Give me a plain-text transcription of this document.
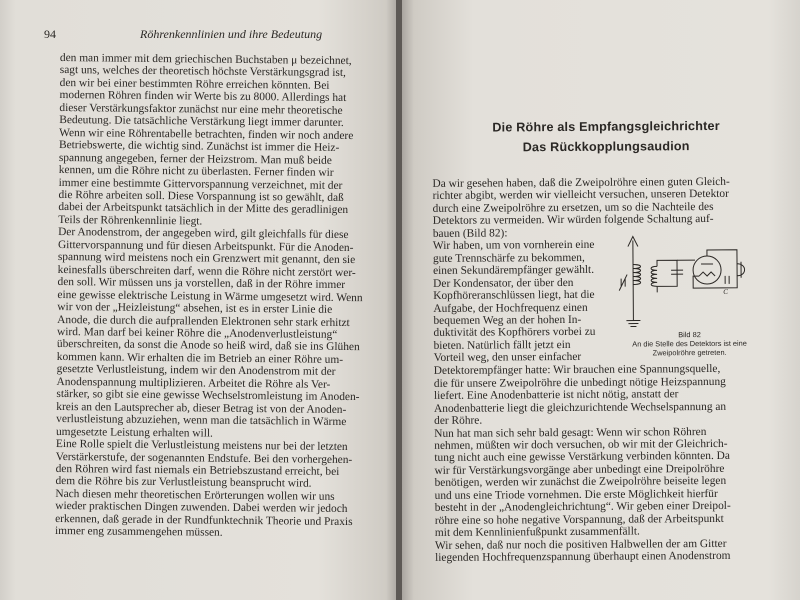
94	Röhrenkennlinien und ihre Bedeutung

den man immer mit dem griechischen Buchstaben μ bezeichnet,

sagt uns, welches der theoretisch höchste Verstärkungsgrad ist,

den wir bei einer bestimmten Röhre erreichen könnten. Bei

modernen Röhren finden wir Werte bis zu 8000. Allerdings hat

dieser Verstärkungsfaktor zunächst nur eine mehr theoretische

Bedeutung. Die tatsächliche Verstärkung liegt immer darunter.

Wenn wir eine Röhrentabelle betrachten, finden wir noch andere

Betriebswerte, die wichtig sind. Zunächst ist immer die Heiz-

spannung angegeben, ferner der Heizstrom. Man muß beide

kennen, um die Röhre nicht zu überlasten. Ferner finden wir

immer eine bestimmte Gittervorspannung verzeichnet, mit der

die Röhre arbeiten soll. Diese Vorspannung ist so gewählt, daß

dabei der Arbeitspunkt tatsächlich in der Mitte des geradlinigen

Teils der Röhrenkennlinie liegt.

Der Anodenstrom, der angegeben wird, gilt gleichfalls für diese

Gittervorspannung und für diesen Arbeitspunkt. Für die Anoden-

spannung wird meistens noch ein Grenzwert mit genannt, den sie

keinesfalls überschreiten darf, wenn die Röhre nicht zerstört wer-

den soll. Wir müssen uns ja vorstellen, daß in der Röhre immer

eine gewisse elektrische Leistung in Wärme umgesetzt wird. Wenn

wir von der „Heizleistung“ absehen, ist es in erster Linie die

Anode, die durch die aufprallenden Elektronen sehr stark erhitzt

wird. Man darf bei keiner Röhre die „Anodenverlustleistung“

überschreiten, da sonst die Anode so heiß wird, daß sie ins Glühen

kommen kann. Wir erhalten die im Betrieb an einer Röhre um-

gesetzte Verlustleistung, indem wir den Anodenstrom mit der

Anodenspannung multiplizieren. Arbeitet die Röhre als Ver-

stärker, so gibt sie eine gewisse Wechselstromleistung im Anoden-

kreis an den Lautsprecher ab, dieser Betrag ist von der Anoden-

verlustleistung abzuziehen, wenn man die tatsächlich in Wärme

umgesetzte Leistung erhalten will.

Eine Rolle spielt die Verlustleistung meistens nur bei der letzten

Verstärkerstufe, der sogenannten Endstufe. Bei den vorhergehen-

den Röhren wird fast niemals ein Betriebszustand erreicht, bei

dem die Röhre bis zur Verlustleistung beansprucht wird.

Nach diesen mehr theoretischen Erörterungen wollen wir uns

wieder praktischen Dingen zuwenden. Dabei werden wir jedoch

erkennen, daß gerade in der Rundfunktechnik Theorie und Praxis

immer eng zusammengehen müssen.

Die Röhre als Empfangsgleichrichter
Das Rückkopplungsaudion

Da wir gesehen haben, daß die Zweipolröhre einen guten Gleich-

richter abgibt, werden wir vielleicht versuchen, unseren Detektor

durch eine Zweipolröhre zu ersetzen, um so die Nachteile des

Detektors zu vermeiden. Wir würden folgende Schaltung auf-

bauen (Bild 82):

Wir haben, um von vornherein eine

gute Trennschärfe zu bekommen,

einen Sekundärempfänger gewählt.

Der Kondensator, der über den

Kopfhöreranschlüssen liegt, hat die

Aufgabe, der Hochfrequenz einen

bequemen Weg an der hohen In-

duktivität des Kopfhörers vorbei zu

bieten. Natürlich fällt jetzt ein

Vorteil weg, den unser einfacher

C
Bild 82
An die Stelle des Detektors ist eine
Zweipolröhre getreten.

Detektorempfänger hatte: Wir brauchen eine Spannungsquelle,

die für unsere Zweipolröhre die unbedingt nötige Heizspannung

liefert. Eine Anodenbatterie ist nicht nötig, anstatt der

Anodenbatterie liegt die gleichzurichtende Wechselspannung an

der Röhre.

Nun hat man sich sehr bald gesagt: Wenn wir schon Röhren

nehmen, müßten wir doch versuchen, ob wir mit der Gleichrich-

tung nicht auch eine gewisse Verstärkung verbinden könnten. Da

wir für Verstärkungsvorgänge aber unbedingt eine Dreipolröhre

benötigen, werden wir zunächst die Zweipolröhre beiseite legen

und uns eine Triode vornehmen. Die erste Möglichkeit hierfür

besteht in der „Anodengleichrichtung“. Wir geben einer Dreipol-

röhre eine so hohe negative Vorspannung, daß der Arbeitspunkt

mit dem Kennlinienfußpunkt zusammenfällt.

Wir sehen, daß nur noch die positiven Halbwellen der am Gitter

liegenden Hochfrequenzspannung überhaupt einen Anodenstrom
